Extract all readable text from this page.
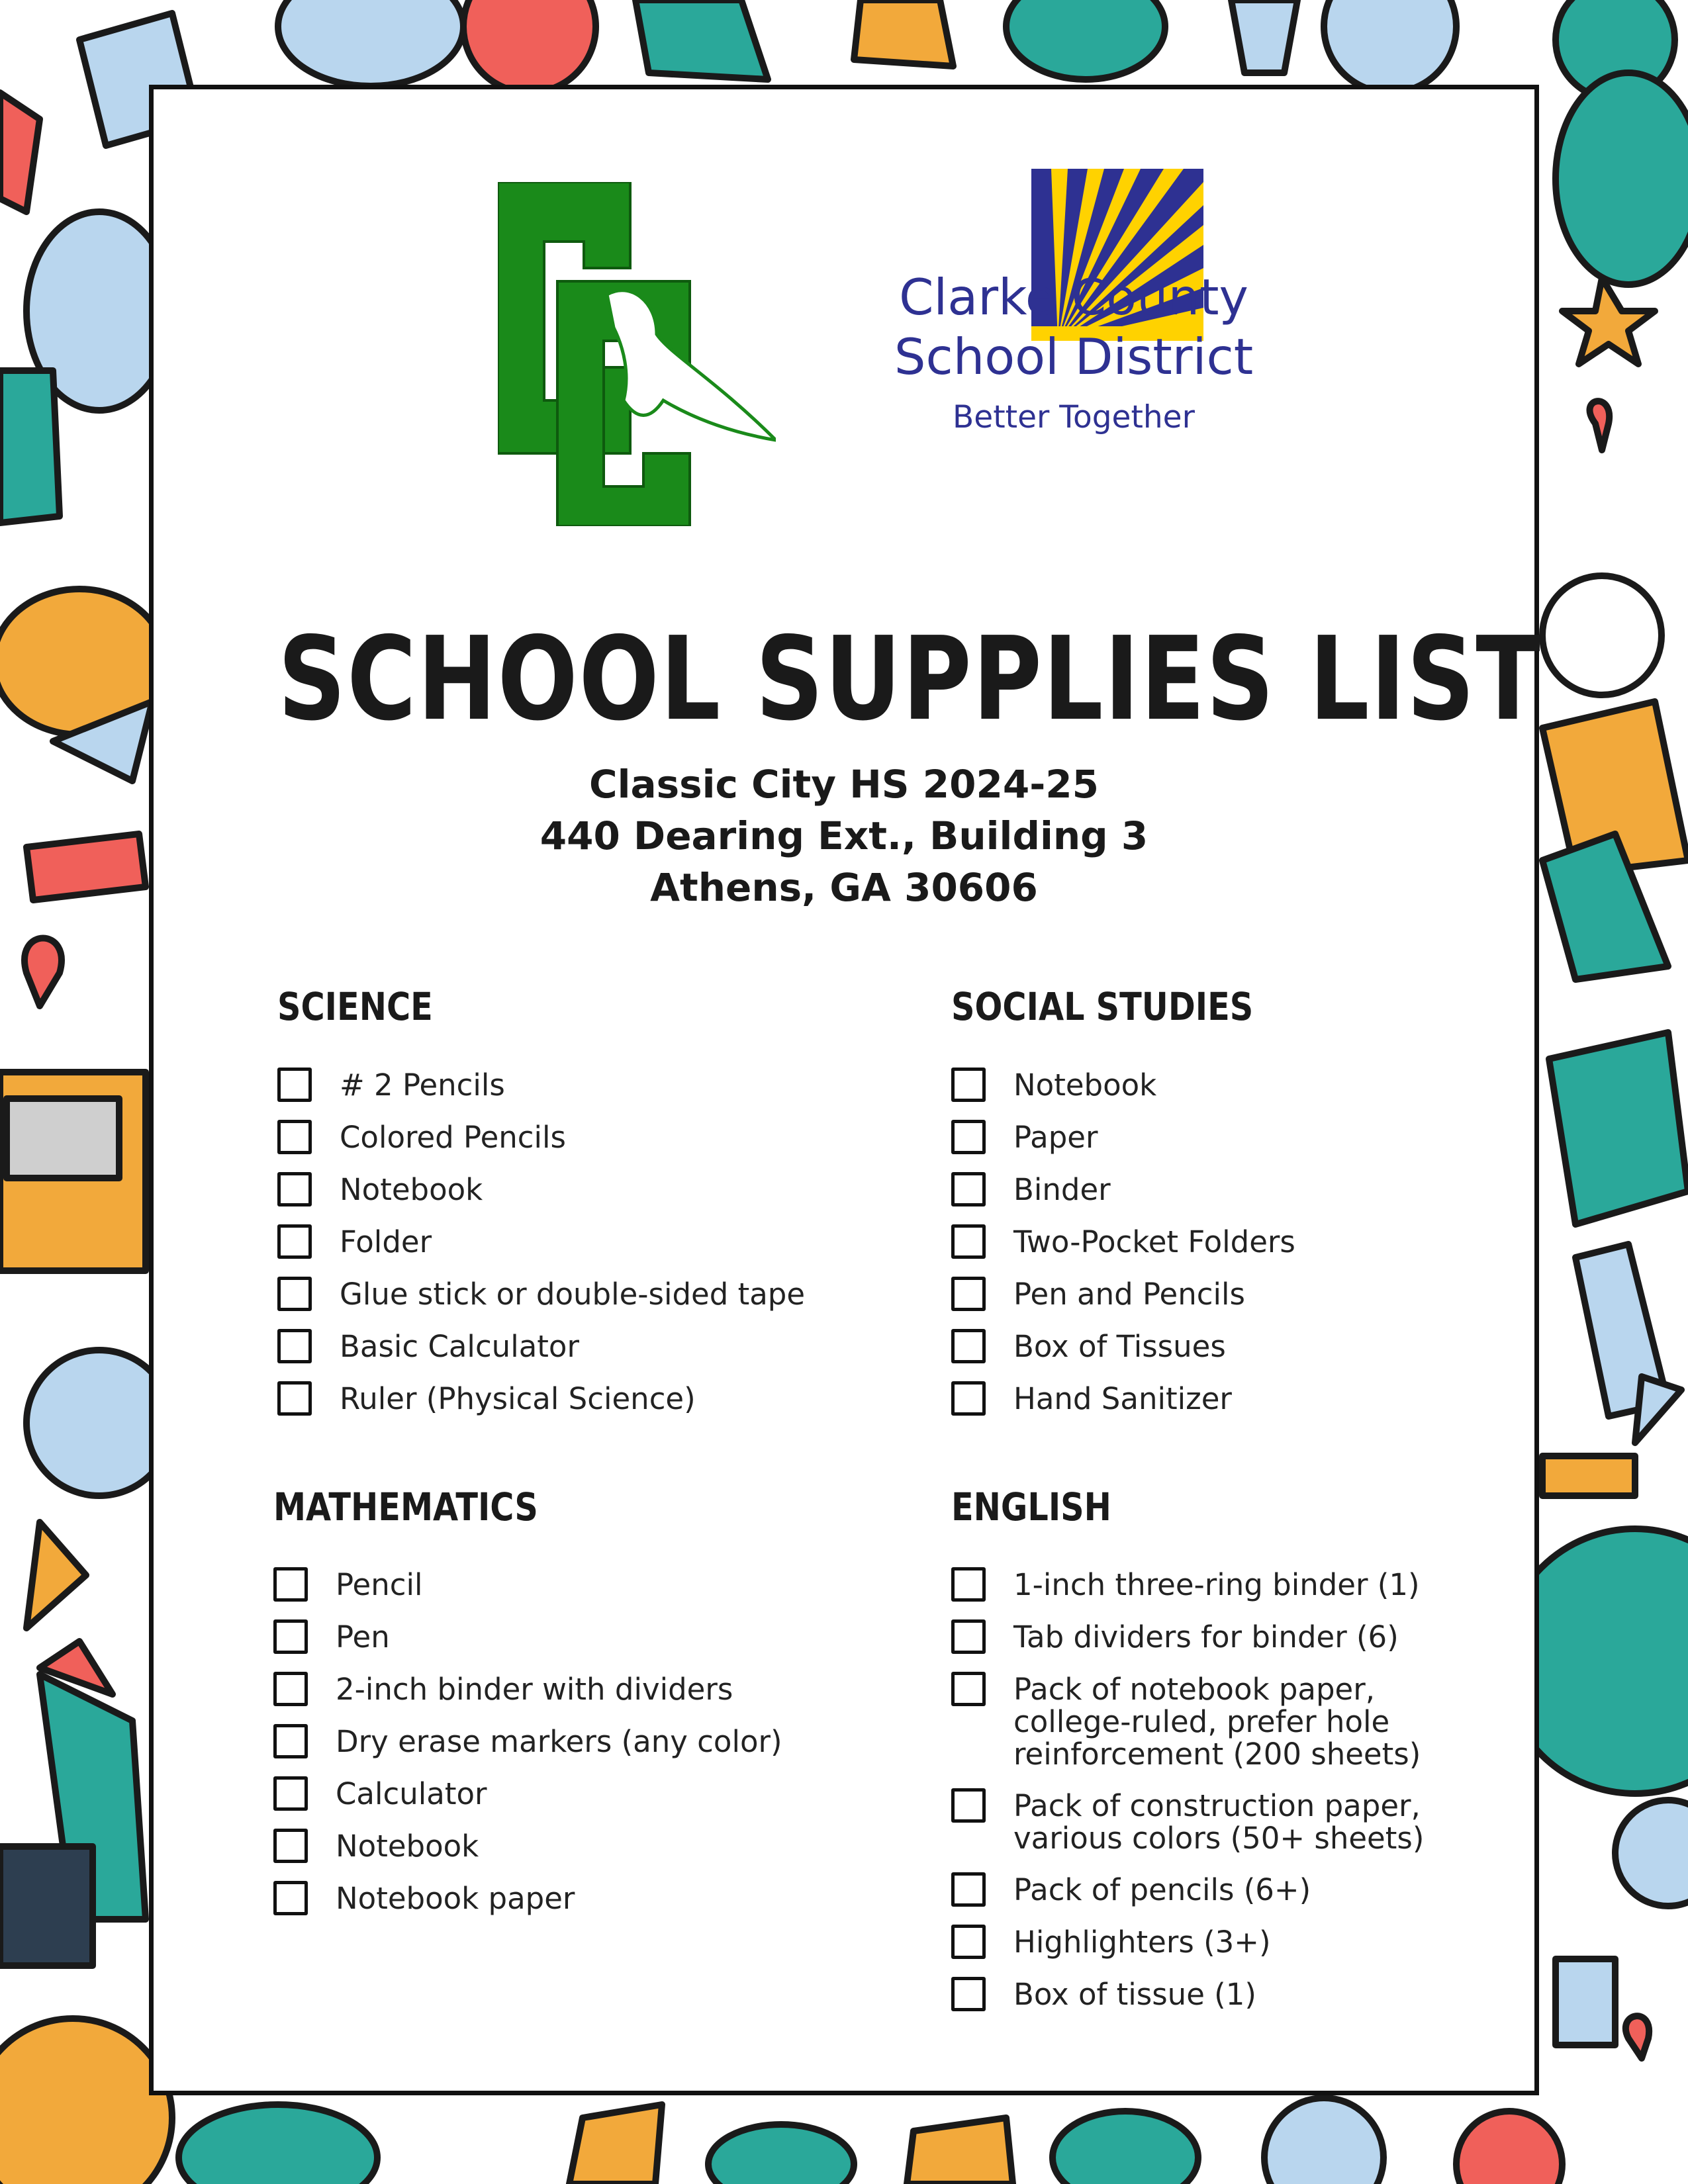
Clarke County
School District
Better Together
SCHOOL SUPPLIES LIST
Classic City HS 2024-25
440 Dearing Ext., Building 3
Athens, GA 30606
SCIENCE
# 2 Pencils
Colored Pencils
Notebook
Folder
Glue stick or double-sided tape
Basic Calculator
Ruler (Physical Science)
SOCIAL STUDIES
Notebook
Paper
Binder
Two-Pocket Folders
Pen and Pencils
Box of Tissues
Hand Sanitizer
MATHEMATICS
Pencil
Pen
2-inch binder with dividers
Dry erase markers (any color)
Calculator
Notebook
Notebook paper
ENGLISH
1-inch three-ring binder (1)
Tab dividers for binder (6)
Pack of notebook paper,
college-ruled, prefer hole
reinforcement (200 sheets)
Pack of construction paper,
various colors (50+ sheets)
Pack of pencils (6+)
Highlighters (3+)
Box of tissue (1)
